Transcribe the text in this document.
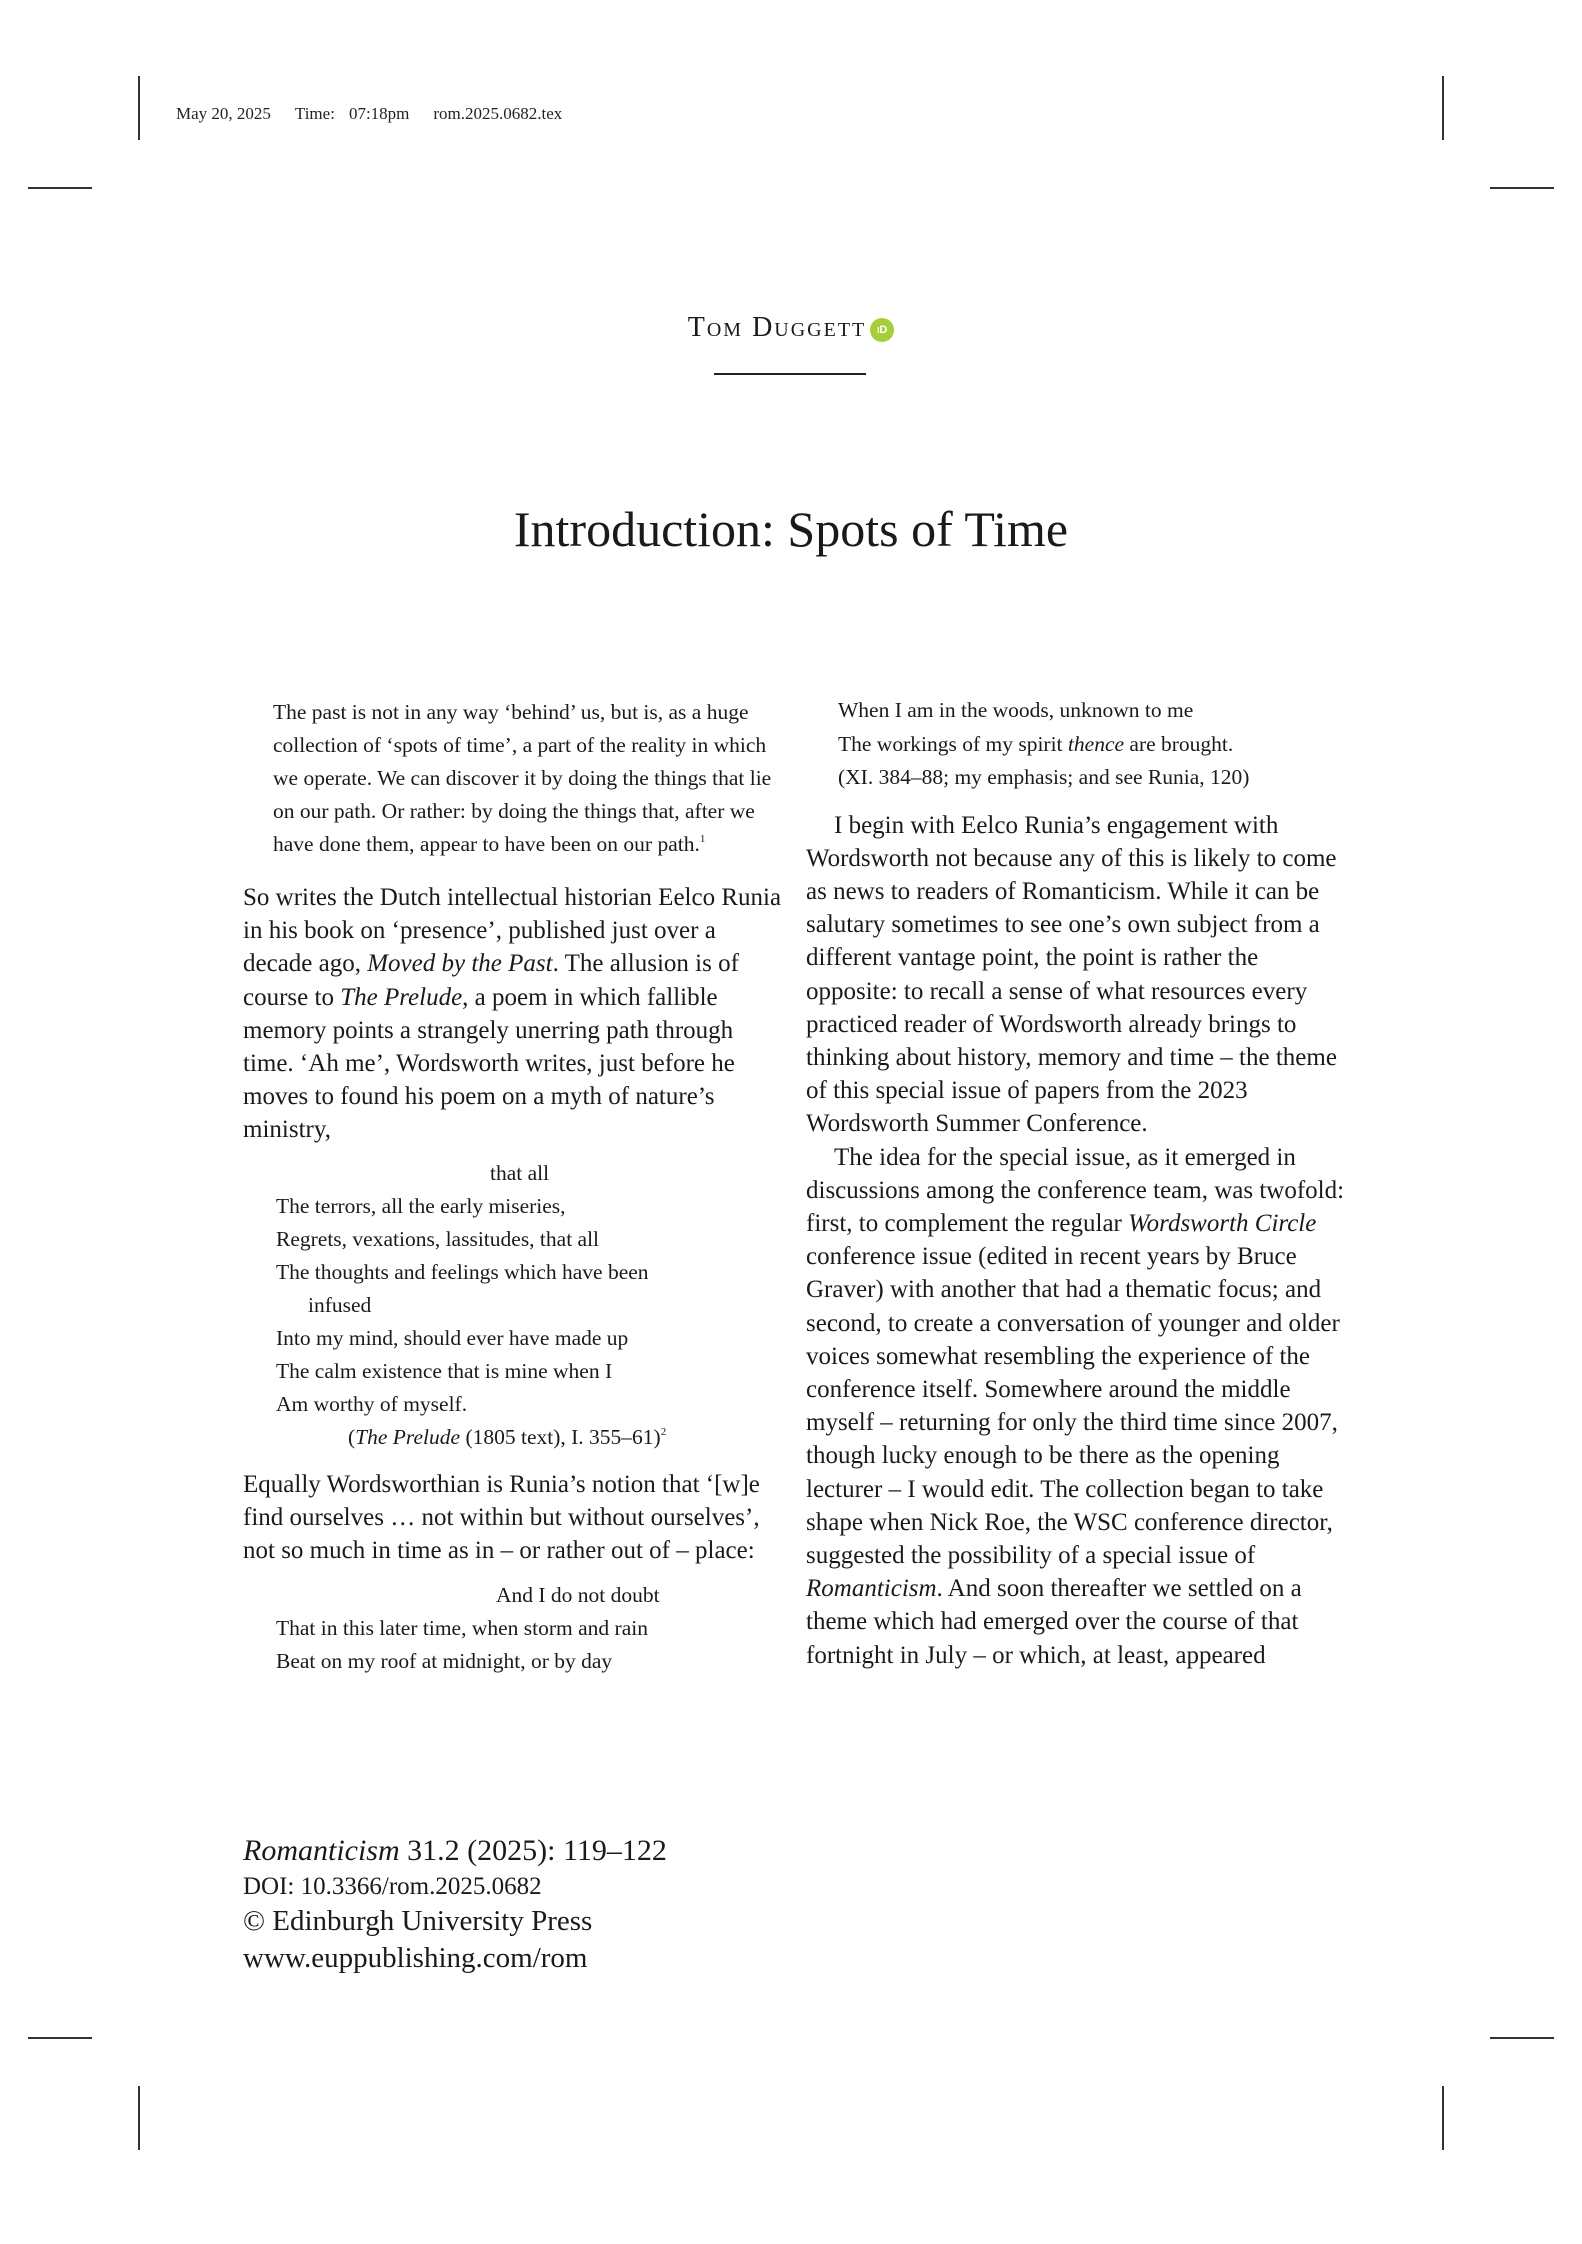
May 20, 2025 Time: 07:18pm rom.2025.0682.tex
Tom Duggett iD
Introduction: Spots of Time

The past is not in any way ‘behind’ us, but is, as a huge collection of ‘spots of time’, a part of the reality in which we operate. We can discover it by doing the things that lie on our path. Or rather: by doing the things that, after we have done them, appear to have been on our path.$^1$

So writes the Dutch intellectual historian Eelco Runia in his book on ‘presence’, published just over a decade ago, Moved by the Past. The allusion is of course to The Prelude, a poem in which fallible memory points a strangely unerring path through time. ‘Ah me’, Wordsworth writes, just before he moves to found his poem on a myth of nature’s ministry,

that all
The terrors, all the early miseries,
Regrets, vexations, lassitudes, that all
The thoughts and feelings which have been
infused
Into my mind, should ever have made up
The calm existence that is mine when I
Am worthy of myself.
(The Prelude (1805 text), I. 355–61)$^2$

Equally Wordsworthian is Runia’s notion that ‘[w]e find ourselves … not within but without ourselves’, not so much in time as in – or rather out of – place:

And I do not doubt
That in this later time, when storm and rain
Beat on my roof at midnight, or by day
When I am in the woods, unknown to me
The workings of my spirit thence are brought.
(XI. 384–88; my emphasis; and see Runia, 120)

I begin with Eelco Runia’s engagement with Wordsworth not because any of this is likely to come as news to readers of Romanticism. While it can be salutary sometimes to see one’s own subject from a different vantage point, the point is rather the opposite: to recall a sense of what resources every practiced reader of Wordsworth already brings to thinking about history, memory and time – the theme of this special issue of papers from the 2023 Wordsworth Summer Conference.

The idea for the special issue, as it emerged in discussions among the conference team, was twofold: first, to complement the regular Wordsworth Circle conference issue (edited in recent years by Bruce Graver) with another that had a thematic focus; and second, to create a conversation of younger and older voices somewhat resembling the experience of the conference itself. Somewhere around the middle myself – returning for only the third time since 2007, though lucky enough to be there as the opening lecturer – I would edit. The collection began to take shape when Nick Roe, the WSC conference director, suggested the possibility of a special issue of Romanticism. And soon thereafter we settled on a theme which had emerged over the course of that fortnight in July – or which, at least, appeared

Romanticism 31.2 (2025): 119–122
DOI: 10.3366/rom.2025.0682
© Edinburgh University Press
www.euppublishing.com/rom
